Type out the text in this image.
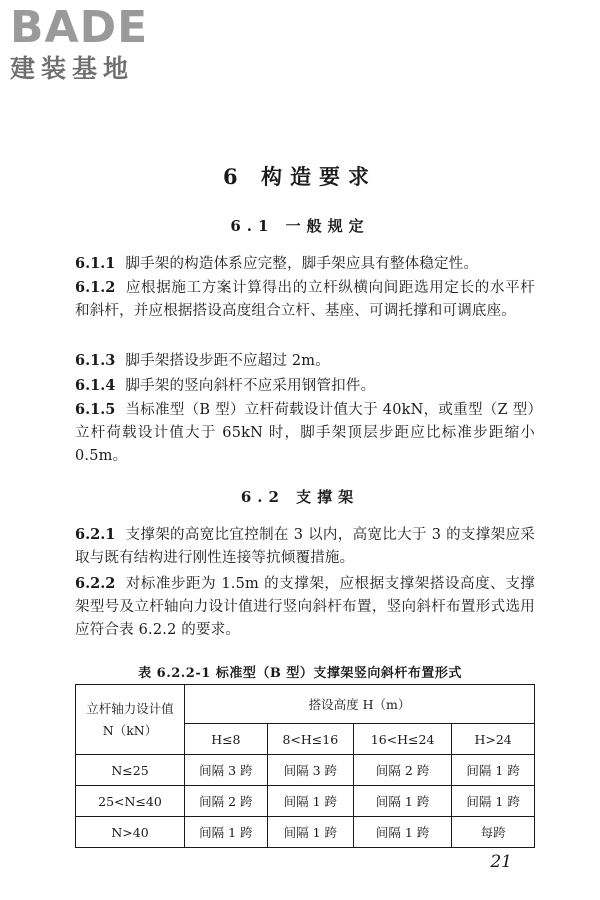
BADE
建装基地
6 构造要求
6.1 一般规定
6.1.1 脚手架的构造体系应完整，脚手架应具有整体稳定性。
6.1.2 应根据施工方案计算得出的立杆纵横向间距选用定长的水平杆和斜杆，并应根据搭设高度组合立杆、基座、可调托撑和可调底座。
6.1.3 脚手架搭设步距不应超过 2m。
6.1.4 脚手架的竖向斜杆不应采用钢管扣件。
6.1.5 当标准型（B 型）立杆荷载设计值大于 40kN，或重型（Z 型）立杆荷载设计值大于 65kN 时，脚手架顶层步距应比标准步距缩小 0.5m。
6.2 支撑架
6.2.1 支撑架的高宽比宜控制在 3 以内，高宽比大于 3 的支撑架应采取与既有结构进行刚性连接等抗倾覆措施。
6.2.2 对标准步距为 1.5m 的支撑架，应根据支撑架搭设高度、支撑架型号及立杆轴向力设计值进行竖向斜杆布置，竖向斜杆布置形式选用应符合表 6.2.2 的要求。
表 6.2.2-1 标准型（B 型）支撑架竖向斜杆布置形式
立杆轴力设计值
N（kN）	搭设高度 H（m）			
	H≤8	8<H≤16	16<H≤24	H>24
N≤25	间隔 3 跨	间隔 3 跨	间隔 2 跨	间隔 1 跨
25<N≤40	间隔 2 跨	间隔 1 跨	间隔 1 跨	间隔 1 跨
N>40	间隔 1 跨	间隔 1 跨	间隔 1 跨	每跨
21
